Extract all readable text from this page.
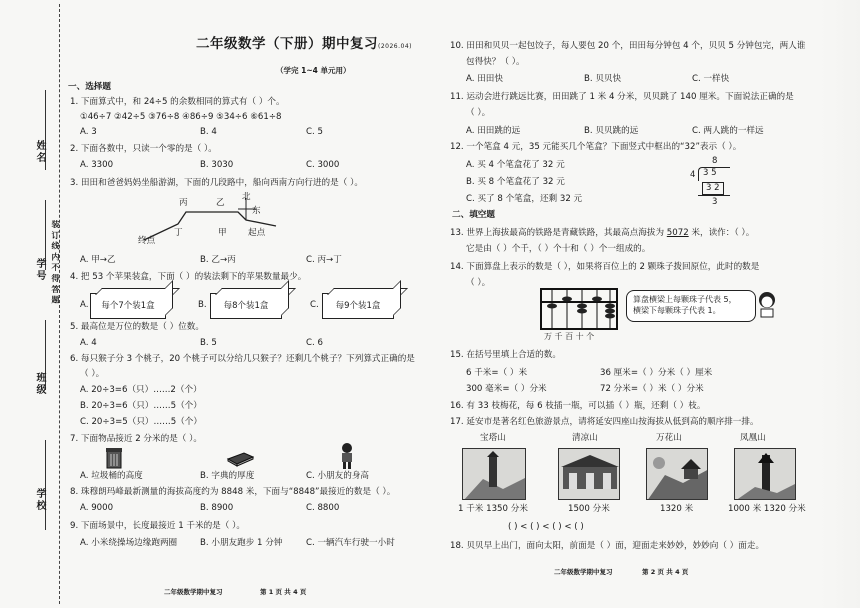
姓名
学号 装 订 线 内 不 得 答 题
班级
学校
二年级数学（下册）期中复习(2026.04)
（学完 1~4 单元用）
一、选择题
1. 下面算式中，和 24÷5 的余数相同的算式有（ ）个。
①46÷7 ②42÷5 ③76÷8 ④86÷9 ⑤34÷6 ⑥61÷8
A. 3	B. 4	C. 5
2. 下面各数中，只读一个零的是（ ）。
A. 3300	B. 3030	C. 3000
3. 田田和爸爸妈妈坐船游湖，下面的几段路中，船向西南方向行进的是（ ）。
丙	乙
北
东
丁	甲
终点
起点
A. 甲→乙	B. 乙→丙	C. 丙→丁
4. 把 53 个苹果装盒，下面（ ）的装法剩下的苹果数量最少。
A. 每个7个装1盒	B. 每8个装1盒	C. 每9个装1盒
5. 最高位是万位的数是（ ）位数。
A. 4	B. 5	C. 6
6. 每只猴子分 3 个桃子，20 个桃子可以分给几只猴子？还剩几个桃子？下列算式正确的是
（ ）。
A. 20÷3=6（只）……2（个）
B. 20÷3=6（只）……5（个）
C. 20÷3=5（只）……5（个）
7. 下面物品接近 2 分米的是（ ）。
A. 垃圾桶的高度	B. 字典的厚度	C. 小朋友的身高
8. 珠穆朗玛峰最新测量的海拔高度约为 8848 米，下面与“8848”最接近的数是（ ）。
A. 9000	B. 8900	C. 8800
9. 下面场景中，长度最接近 1 千米的是（ ）。
A. 小米绕操场边缘跑两圈	B. 小朋友跑步 1 分钟	C. 一辆汽车行驶一小时
二年级数学期中复习	第 1 页 共 4 页
10. 田田和贝贝一起包饺子，每人要包 20 个，田田每分钟包 4 个，贝贝 5 分钟包完，两人谁
包得快？（ ）。
A. 田田快	B. 贝贝快	C. 一样快
11. 运动会进行跳远比赛，田田跳了 1 米 4 分米，贝贝跳了 140 厘米。下面说法正确的是
（ ）。
A. 田田跳的远	B. 贝贝跳的远	C. 两人跳的一样远
12. 一个笔盒 4 元，35 元能买几个笔盒？下面竖式中框出的“32”表示（ ）。
A. 买 4 个笔盒花了 32 元
B. 买 8 个笔盒花了 32 元
C. 买了 8 个笔盒，还剩 32 元
8
4 3 5
3 2
3
二、填空题
13. 世界上海拔最高的铁路是青藏铁路，其最高点海拔为 5072 米，读作：（ ）。
它是由（ ）个千，（ ）个十和（ ）个一组成的。
14. 下面算盘上表示的数是（ ），如果将百位上的 2 颗珠子拨回原位，此时的数是
（ ）。
万 千 百 十 个
算盘横梁上每颗珠子代表 5，
横梁下每颗珠子代表 1。
15. 在括号里填上合适的数。
6 千米=（ ）米	36 厘米=（ ）分米（ ）厘米
300 毫米=（ ）分米	72 分米=（ ）米（ ）分米
16. 有 33 枝梅花，每 6 枝插一瓶，可以插（ ）瓶，还剩（ ）枝。
17. 延安市是著名红色旅游景点，请将延安四座山按海拔从低到高的顺序排一排。
宝塔山	清凉山	万花山	凤凰山
1 千米 1350 分米	1500 分米	1320 米	1000 米 1320 分米
( ) < ( ) < ( ) < ( )
18. 贝贝早上出门，面向太阳，前面是（ ）面，迎面走来妙妙，妙妙向（ ）面走。
二年级数学期中复习	第 2 页 共 4 页
